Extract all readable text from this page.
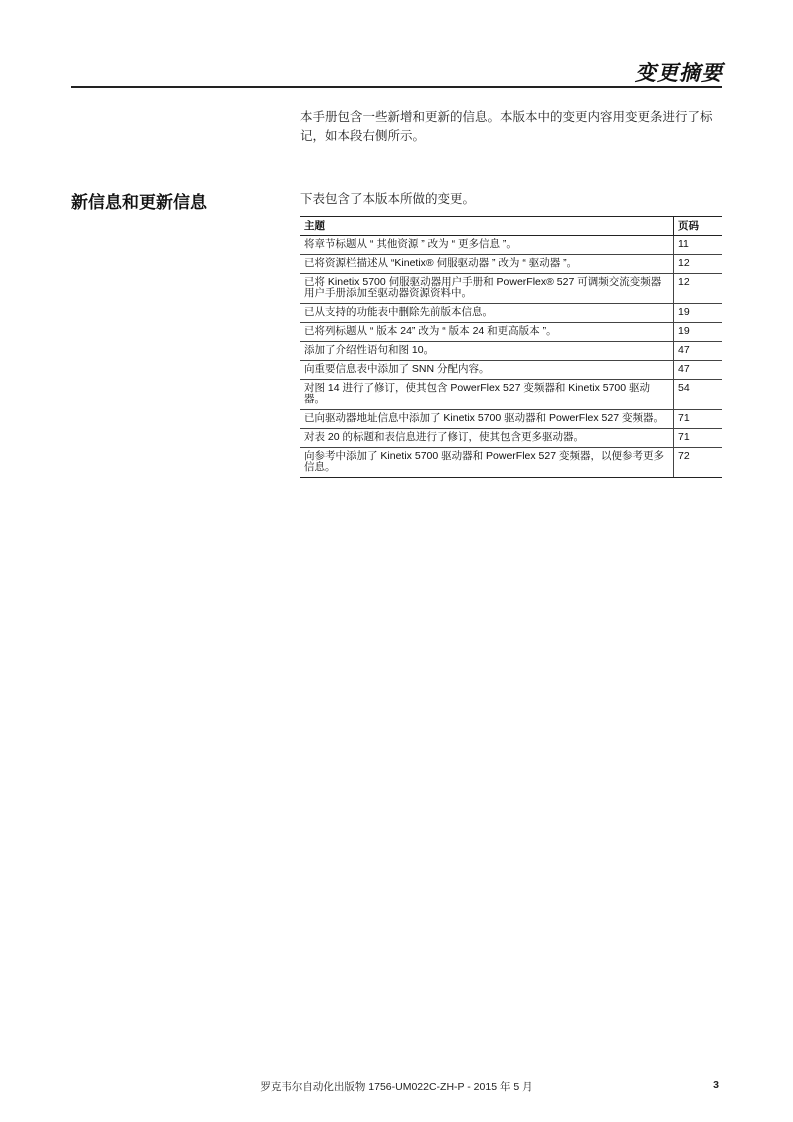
变更摘要

本手册包含一些新增和更新的信息。本版本中的变更内容用变更条进行了标记，如本段右侧所示。

新信息和更新信息	下表包含了本版本所做的变更。
主题	页码
将章节标题从 “ 其他资源 ” 改为 “ 更多信息 ”。	11
已将资源栏描述从 “Kinetix® 伺服驱动器 ” 改为 “ 驱动器 ”。	12
已将 Kinetix 5700 伺服驱动器用户手册和 PowerFlex® 527 可调频交流变频器用户手册添加至驱动器资源资料中。	12
已从支持的功能表中删除先前版本信息。	19
已将列标题从 “ 版本 24” 改为 “ 版本 24 和更高版本 ”。	19
添加了介绍性语句和图 10。	47
向重要信息表中添加了 SNN 分配内容。	47
对图 14 进行了修订，使其包含 PowerFlex 527 变频器和 Kinetix 5700 驱动器。	54
已向驱动器地址信息中添加了 Kinetix 5700 驱动器和 PowerFlex 527 变频器。	71
对表 20 的标题和表信息进行了修订，使其包含更多驱动器。	71
向参考中添加了 Kinetix 5700 驱动器和 PowerFlex 527 变频器，以便参考更多信息。	72
罗克韦尔自动化出版物 1756-UM022C-ZH-P - 2015 年 5 月	3
